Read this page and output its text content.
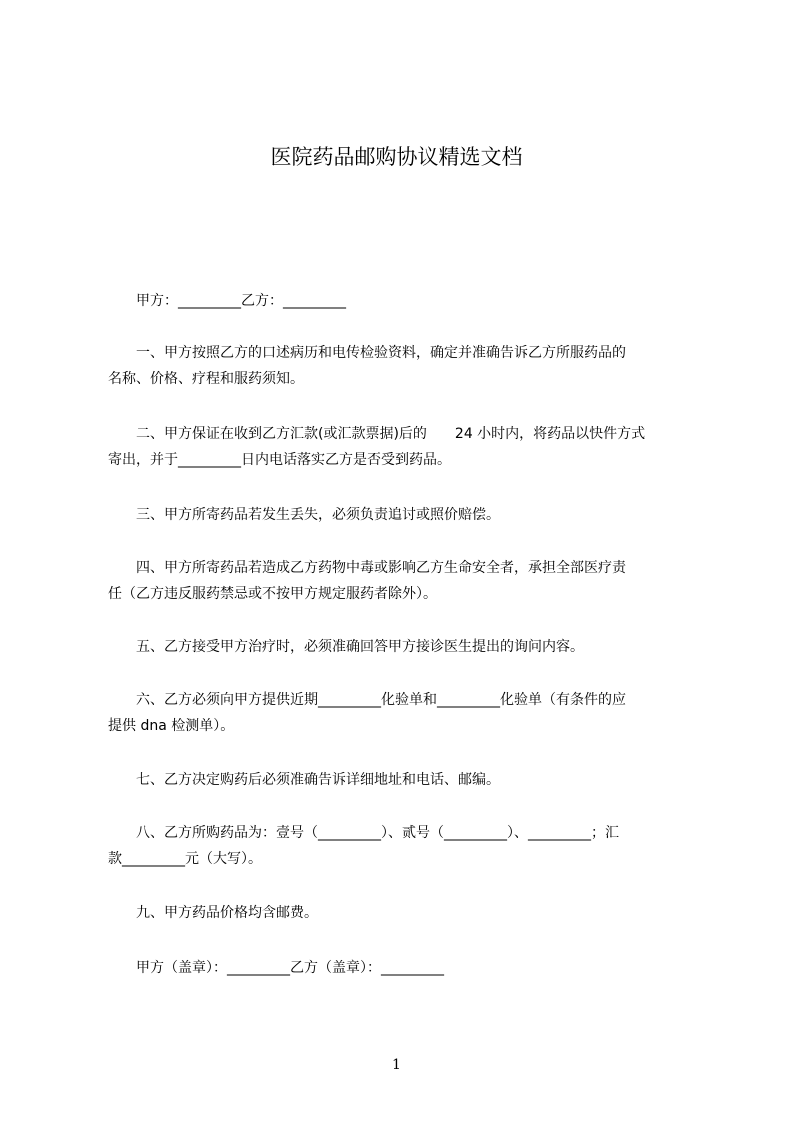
医院药品邮购协议精选文档
甲方：_________乙方：_________
一、甲方按照乙方的口述病历和电传检验资料，确定并准确告诉乙方所服药品的
名称、价格、疗程和服药须知。
二、甲方保证在收到乙方汇款(或汇款票据)后的　　24 小时内，将药品以快件方式
寄出，并于_________日内电话落实乙方是否受到药品。
三、甲方所寄药品若发生丢失，必须负责追讨或照价赔偿。
四、甲方所寄药品若造成乙方药物中毒或影响乙方生命安全者，承担全部医疗责
任（乙方违反服药禁忌或不按甲方规定服药者除外）。
五、乙方接受甲方治疗时，必须准确回答甲方接诊医生提出的询问内容。
六、乙方必须向甲方提供近期_________化验单和_________化验单（有条件的应
提供 dna 检测单）。
七、乙方决定购药后必须准确告诉详细地址和电话、邮编。
八、乙方所购药品为：壹号（_________）、贰号（_________）、_________；汇
款_________元（大写）。
九、甲方药品价格均含邮费。
甲方（盖章）：_________乙方（盖章）：_________
1
